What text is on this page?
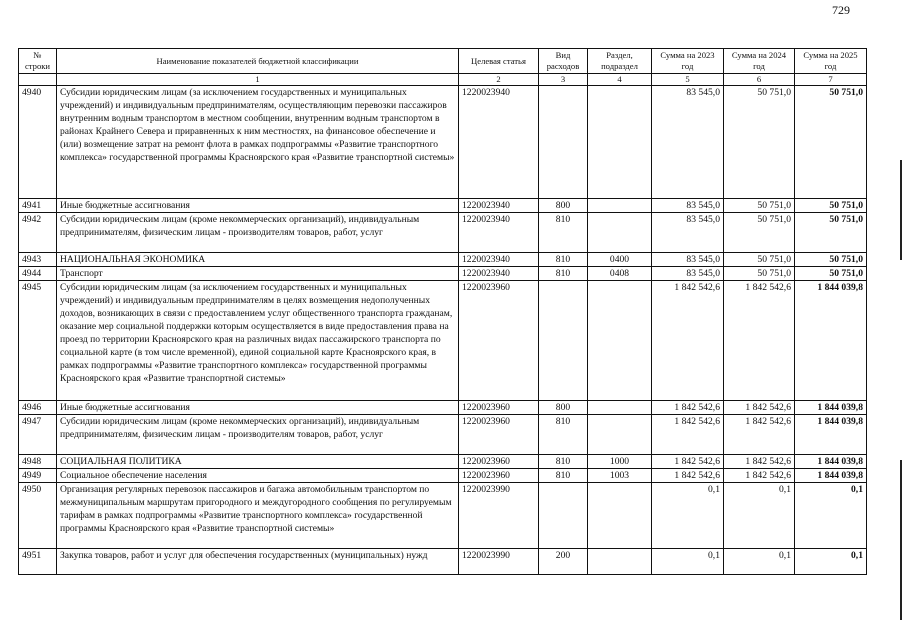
729
№ строки	Наименование показателей бюджетной классификации	Целевая статья	Вид расходов	Раздел, подраздел	Сумма на 2023 год	Сумма на 2024 год	Сумма на 2025 год
	1	2	3	4	5	6	7
4940	Субсидии юридическим лицам (за исключением государственных и муниципальных учреждений) и индивидуальным предпринимателям, осуществляющим перевозки пассажиров внутренним водным транспортом в местном сообщении, внутренним водным транспортом в районах Крайнего Севера и приравненных к ним местностях, на финансовое обеспечение и (или) возмещение затрат на ремонт флота в рамках подпрограммы «Развитие транспортного комплекса» государственной программы Красноярского края «Развитие транспортной системы»	1220023940			83 545,0	50 751,0	50 751,0
4941	Иные бюджетные ассигнования	1220023940	800		83 545,0	50 751,0	50 751,0
4942	Субсидии юридическим лицам (кроме некоммерческих организаций), индивидуальным предпринимателям, физическим лицам - производителям товаров, работ, услуг	1220023940	810		83 545,0	50 751,0	50 751,0
4943	НАЦИОНАЛЬНАЯ ЭКОНОМИКА	1220023940	810	0400	83 545,0	50 751,0	50 751,0
4944	Транспорт	1220023940	810	0408	83 545,0	50 751,0	50 751,0
4945	Субсидии юридическим лицам (за исключением государственных и муниципальных учреждений) и индивидуальным предпринимателям в целях возмещения недополученных доходов, возникающих в связи с предоставлением услуг общественного транспорта гражданам, оказание мер социальной поддержки которым осуществляется в виде предоставления права на проезд по территории Красноярского края на различных видах пассажирского транспорта по социальной карте (в том числе временной), единой социальной карте Красноярского края, в рамках подпрограммы «Развитие транспортного комплекса» государственной программы Красноярского края «Развитие транспортной системы»	1220023960			1 842 542,6	1 842 542,6	1 844 039,8
4946	Иные бюджетные ассигнования	1220023960	800		1 842 542,6	1 842 542,6	1 844 039,8
4947	Субсидии юридическим лицам (кроме некоммерческих организаций), индивидуальным предпринимателям, физическим лицам - производителям товаров, работ, услуг	1220023960	810		1 842 542,6	1 842 542,6	1 844 039,8
4948	СОЦИАЛЬНАЯ ПОЛИТИКА	1220023960	810	1000	1 842 542,6	1 842 542,6	1 844 039,8
4949	Социальное обеспечение населения	1220023960	810	1003	1 842 542,6	1 842 542,6	1 844 039,8
4950	Организация регулярных перевозок пассажиров и багажа автомобильным транспортом по межмуниципальным маршрутам пригородного и междугородного сообщения по регулируемым тарифам в рамках подпрограммы «Развитие транспортного комплекса» государственной программы Красноярского края «Развитие транспортной системы»	1220023990			0,1	0,1	0,1
4951	Закупка товаров, работ и услуг для обеспечения государственных (муниципальных) нужд	1220023990	200		0,1	0,1	0,1
